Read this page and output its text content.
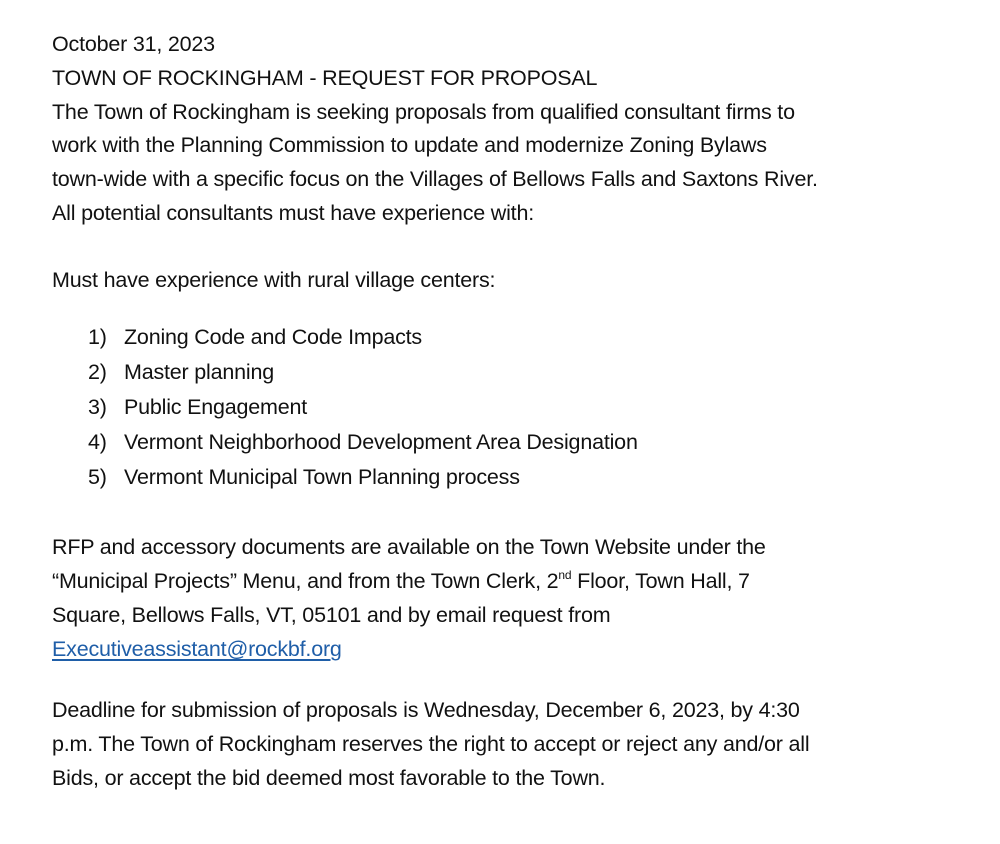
October 31, 2023
TOWN OF ROCKINGHAM - REQUEST FOR PROPOSAL
The Town of Rockingham is seeking proposals from qualified consultant firms to
work with the Planning Commission to update and modernize Zoning Bylaws
town-wide with a specific focus on the Villages of Bellows Falls and Saxtons River.
All potential consultants must have experience with:
Must have experience with rural village centers:
1) Zoning Code and Code Impacts
2) Master planning
3) Public Engagement
4) Vermont Neighborhood Development Area Designation
5) Vermont Municipal Town Planning process
RFP and accessory documents are available on the Town Website under the
“Municipal Projects” Menu, and from the Town Clerk, 2nd Floor, Town Hall, 7
Square, Bellows Falls, VT, 05101 and by email request from
Executiveassistant@rockbf.org
Deadline for submission of proposals is Wednesday, December 6, 2023, by 4:30
p.m. The Town of Rockingham reserves the right to accept or reject any and/or all
Bids, or accept the bid deemed most favorable to the Town.
